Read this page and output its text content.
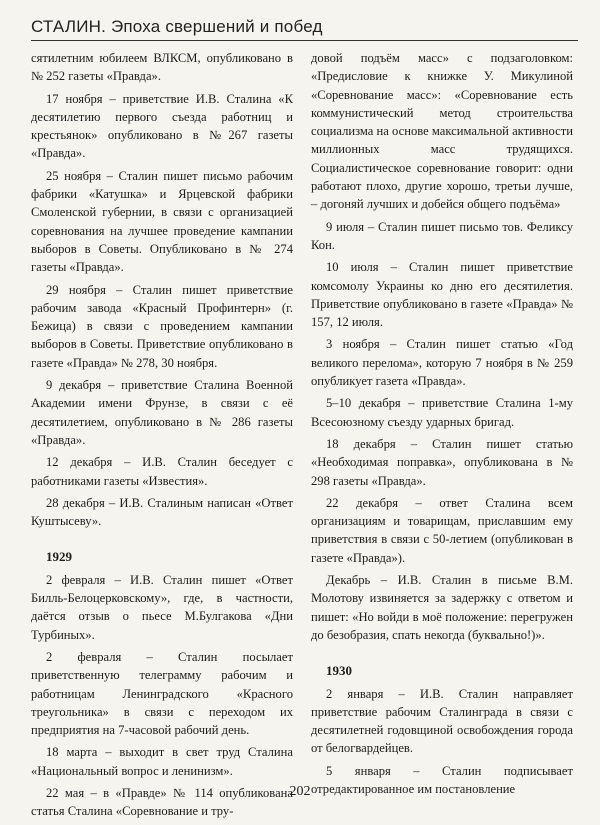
СТАЛИН. Эпоха свершений и побед

сятилетним юбилеем ВЛКСМ, опубликовано в № 252 газеты «Правда».

17 ноября – приветствие И.В. Сталина «К десятилетию первого съезда работниц и крестьянок» опубликовано в №267 газеты «Правда».

25 ноября – Сталин пишет письмо рабочим фабрики «Катушка» и Ярцевской фабрики Смоленской губернии, в связи с организацией соревнования на лучшее проведение кампании выборов в Советы. Опубликовано в № 274 газеты «Правда».

29 ноября – Сталин пишет приветствие рабочим завода «Красный Профинтерн» (г. Бежица) в связи с проведением кампании выборов в Советы. Приветствие опубликовано в газете «Правда» № 278, 30 ноября.

9 декабря – приветствие Сталина Военной Академии имени Фрунзе, в связи с её десятилетием, опубликовано в № 286 газеты «Правда».

12 декабря – И.В. Сталин беседует с работниками газеты «Известия».

28 декабря – И.В. Сталиным написан «Ответ Куштысеву».

1929

2 февраля – И.В. Сталин пишет «Ответ Билль-Белоцерковскому», где, в частности, даётся отзыв о пьесе М.Булгакова «Дни Турбиных».

2 февраля – Сталин посылает приветственную телеграмму рабочим и работницам Ленинградского «Красного треугольника» в связи с переходом их предприятия на 7-часовой рабочий день.

18 марта – выходит в свет труд Сталина «Национальный вопрос и ленинизм».

22 мая – в «Правде» № 114 опубликована статья Сталина «Соревнование и тру-

довой подъём масс» с подзаголовком: «Предисловие к книжке У. Микулиной «Соревнование масс»: «Соревнование есть коммунистический метод строительства социализма на основе максимальной активности миллионных масс трудящихся. Социалистическое соревнование говорит: одни работают плохо, другие хорошо, третьи лучше, – догоняй лучших и добейся общего подъёма»

9 июля – Сталин пишет письмо тов. Феликсу Кон.

10 июля – Сталин пишет приветствие комсомолу Украины ко дню его десятилетия. Приветствие опубликовано в газете «Правда» № 157, 12 июля.

3 ноября – Сталин пишет статью «Год великого перелома», которую 7 ноября в № 259 опубликует газета «Правда».

5–10 декабря – приветствие Сталина 1-му Всесоюзному съезду ударных бригад.

18 декабря – Сталин пишет статью «Необходимая поправка», опубликована в № 298 газеты «Правда».

22 декабря – ответ Сталина всем организациям и товарищам, приславшим ему приветствия в связи с 50-летием (опубликован в газете «Правда»).

Декабрь – И.В. Сталин в письме В.М. Молотову извиняется за задержку с ответом и пишет: «Но войди в моё положение: перегружен до безобразия, спать некогда (буквально!)».

1930

2 января – И.В. Сталин направляет приветствие рабочим Сталинграда в связи с десятилетней годовщиной освобождения города от белогвардейцев.

5 января – Сталин подписывает отредактированное им постановление

202
